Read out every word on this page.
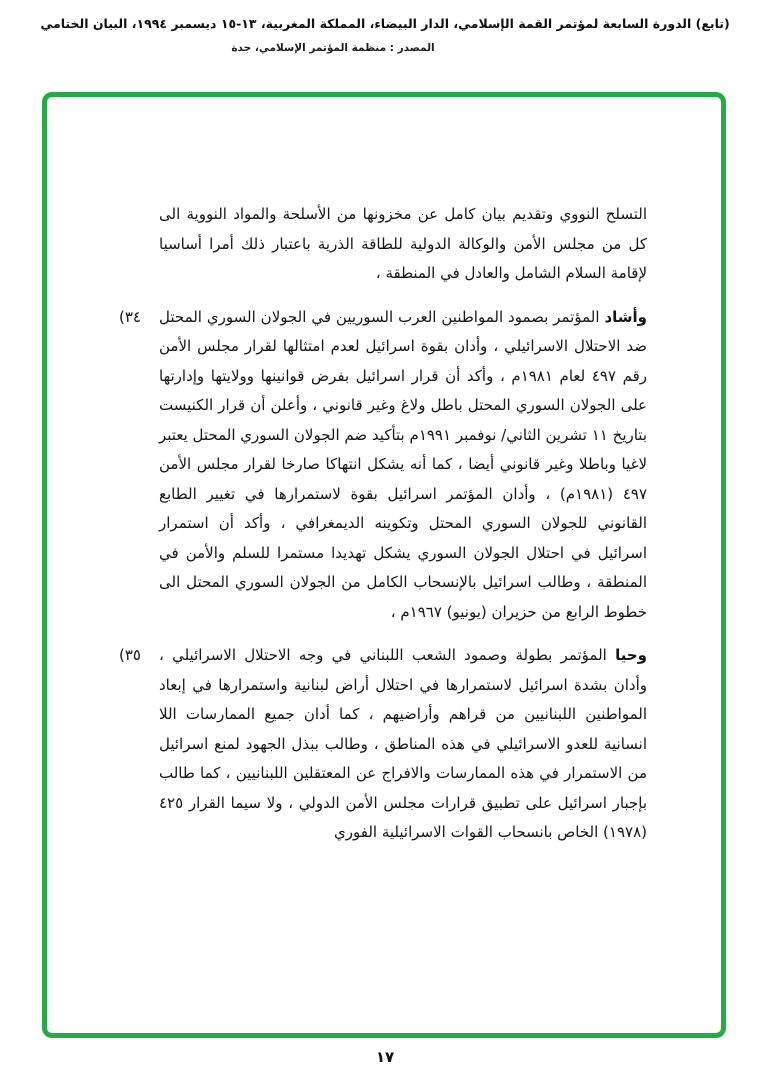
(تابع) الدورة السابعة لمؤتمر القمة الإسلامي، الدار البيضاء، المملكة المغربية، ١٣-١٥ ديسمبر ١٩٩٤، البيان الختامي
المصدر : منظمة المؤتمر الإسلامي، جدة

التسلح النووي وتقديم بيان كامل عن مخزونها من الأسلحة والمواد النووية الى كل من مجلس الأمن والوكالة الدولية للطاقة الذرية باعتبار ذلك أمرا أساسيا لإقامة السلام الشامل والعادل في المنطقة ،

(٣٤	وأشاد المؤتمر بصمود المواطنين العرب السوريين في الجولان السوري المحتل ضد الاحتلال الاسرائيلي ، وأدان بقوة اسرائيل لعدم امتثالها لقرار مجلس الأمن رقم ٤٩٧ لعام ١٩٨١م ، وأكد أن قرار اسرائيل بفرض قوانينها وولايتها وإدارتها على الجولان السوري المحتل باطل ولاغ وغير قانوني ، وأعلن أن قرار الكنيست بتاريخ ١١ تشرين الثاني/ نوفمبر ١٩٩١م بتأكيد ضم الجولان السوري المحتل يعتبر لاغيا وباطلا وغير قانوني أيضا ، كما أنه يشكل انتهاكا صارخا لقرار مجلس الأمن ٤٩٧ (١٩٨١م) ، وأدان المؤتمر اسرائيل بقوة لاستمرارها في تغيير الطابع القانوني للجولان السوري المحتل وتكوينه الديمغرافي ، وأكد أن استمرار اسرائيل في احتلال الجولان السوري يشكل تهديدا مستمرا للسلم والأمن في المنطقة ، وطالب اسرائيل بالإنسحاب الكامل من الجولان السوري المحتل الى خطوط الرابع من حزيران (يونيو) ١٩٦٧م ،
(٣٥	وحيا المؤتمر بطولة وصمود الشعب اللبناني في وجه الاحتلال الاسرائيلي ، وأدان بشدة اسرائيل لاستمرارها في احتلال أراض لبنانية واستمرارها في إبعاد المواطنين اللبنانيين من قراهم وأراضيهم ، كما أدان جميع الممارسات اللا انسانية للعدو الاسرائيلي في هذه المناطق ، وطالب ببذل الجهود لمنع اسرائيل من الاستمرار في هذه الممارسات والافراج عن المعتقلين اللبنانيين ، كما طالب بإجبار اسرائيل على تطبيق قرارات مجلس الأمن الدولي ، ولا سيما القرار ٤٢٥ (١٩٧٨) الخاص بانسحاب القوات الاسرائيلية الفوري
١٧
